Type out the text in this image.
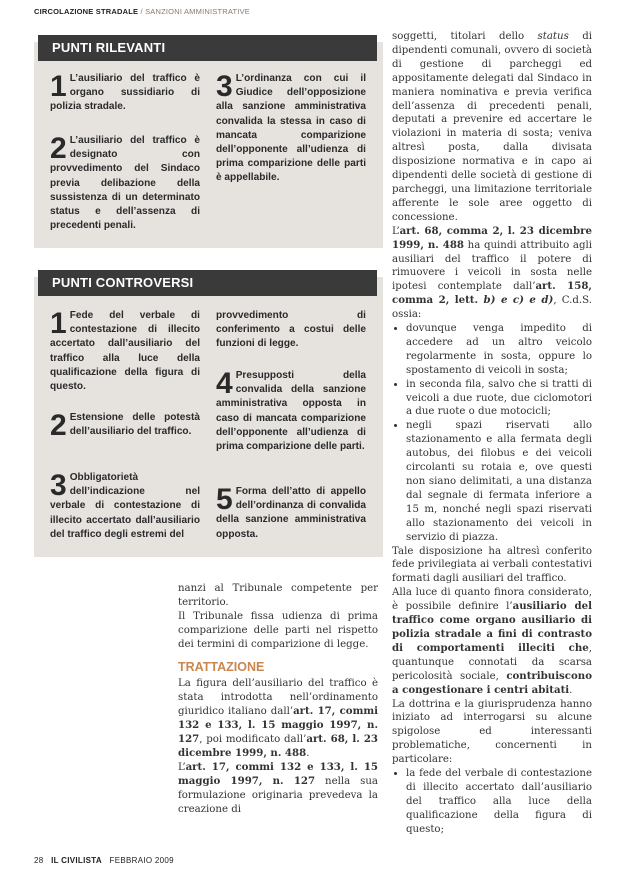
CIRCOLAZIONE STRADALE / SANZIONI AMMINISTRATIVE
PUNTI RILEVANTI
1 L’ausiliario del traffico è organo sussidiario di polizia stradale.
2 L’ausiliario del traffico è designato con provvedimento del Sindaco previa delibazione della sussistenza di un determinato status e dell’assenza di precedenti penali.
3 L’ordinanza con cui il Giudice dell’opposizione alla sanzione amministrativa convalida la stessa in caso di mancata comparizione dell’opponente all’udienza di prima comparizione delle parti è appellabile.
PUNTI CONTROVERSI
1 Fede del verbale di contestazione di illecito accertato dall’ausiliario del traffico alla luce della qualificazione della figura di questo.
2 Estensione delle potestà dell’ausiliario del traffico.
3 Obbligatorietà dell’indicazione nel verbale di contestazione di illecito accertato dall’ausiliario del traffico degli estremi del
provvedimento di conferimento a costui delle funzioni di legge.
4 Presupposti della convalida della sanzione amministrativa opposta in caso di mancata comparizione dell’opponente all’udienza di prima comparizione delle parti.
5 Forma dell’atto di appello dell’ordinanza di convalida della sanzione amministrativa opposta.

nanzi al Tribunale competente per territorio.

Il Tribunale fissa udienza di prima comparizione delle parti nel rispetto dei termini di comparizione di legge.

TRATTAZIONE

La figura dell’ausiliario del traffico è stata introdotta nell’ordinamento giuridico italiano dall’art. 17, commi 132 e 133, l. 15 maggio 1997, n. 127, poi modificato dall’art. 68, l. 23 dicembre 1999, n. 488.

L’art. 17, commi 132 e 133, l. 15 maggio 1997, n. 127 nella sua formulazione originaria prevedeva la creazione di

soggetti, titolari dello status di dipendenti comunali, ovvero di società di gestione di parcheggi ed appositamente delegati dal Sindaco in maniera nominativa e previa verifica dell’assenza di precedenti penali, deputati a prevenire ed accertare le violazioni in materia di sosta; veniva altresì posta, dalla divisata disposizione normativa e in capo ai dipendenti delle società di gestione di parcheggi, una limitazione territoriale afferente le sole aree oggetto di concessione.

L’art. 68, comma 2, l. 23 dicembre 1999, n. 488 ha quindi attribuito agli ausiliari del traffico il potere di rimuovere i veicoli in sosta nelle ipotesi contemplate dall’art. 158, comma 2, lett. b) e c) e d), C.d.S. ossia:

• dovunque venga impedito di accedere ad un altro veicolo regolarmente in sosta, oppure lo spostamento di veicoli in sosta;
• in seconda fila, salvo che si tratti di veicoli a due ruote, due ciclomotori a due ruote o due motocicli;
• negli spazi riservati allo stazionamento e alla fermata degli autobus, dei filobus e dei veicoli circolanti su rotaia e, ove questi non siano delimitati, a una distanza dal segnale di fermata inferiore a 15 m, nonché negli spazi riservati allo stazionamento dei veicoli in servizio di piazza.

Tale disposizione ha altresì conferito fede privilegiata ai verbali contestativi formati dagli ausiliari del traffico.

Alla luce di quanto finora considerato, è possibile definire l’ausiliario del traffico come organo ausiliario di polizia stradale a fini di contrasto di comportamenti illeciti che, quantunque connotati da scarsa pericolosità sociale, contribuiscono a congestionare i centri abitati.

La dottrina e la giurisprudenza hanno iniziato ad interrogarsi su alcune spigolose ed interessanti problematiche, concernenti in particolare:

• la fede del verbale di contestazione di illecito accertato dall’ausiliario del traffico alla luce della qualificazione della figura di questo;
28 IL CIVILISTA FEBBRAIO 2009
